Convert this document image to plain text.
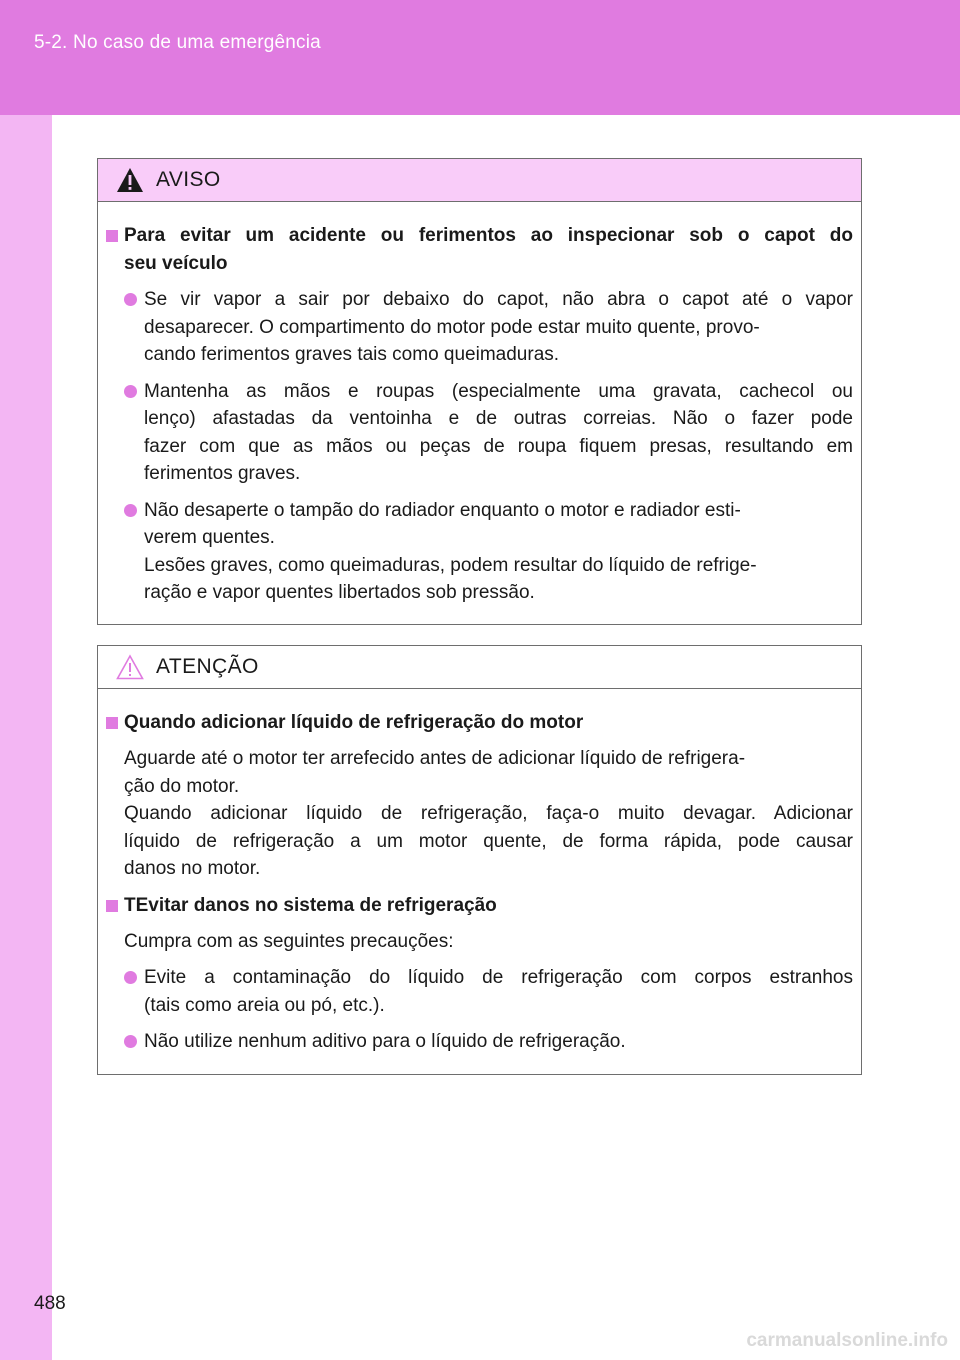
5-2. No caso de uma emergência
AVISO
Para evitar um acidente ou ferimentos ao inspecionar sob o capot do
seu veículo
Se vir vapor a sair por debaixo do capot, não abra o capot até o vapor
desaparecer. O compartimento do motor pode estar muito quente, provo-
cando ferimentos graves tais como queimaduras.
Mantenha as mãos e roupas (especialmente uma gravata, cachecol ou
lenço) afastadas da ventoinha e de outras correias. Não o fazer pode
fazer com que as mãos ou peças de roupa fiquem presas, resultando em
ferimentos graves.
Não desaperte o tampão do radiador enquanto o motor e radiador esti-
verem quentes.
Lesões graves, como queimaduras, podem resultar do líquido de refrige-
ração e vapor quentes libertados sob pressão.
ATENÇÃO
Quando adicionar líquido de refrigeração do motor
Aguarde até o motor ter arrefecido antes de adicionar líquido de refrigera-
ção do motor.
Quando adicionar líquido de refrigeração, faça-o muito devagar. Adicionar
líquido de refrigeração a um motor quente, de forma rápida, pode causar
danos no motor.
TEvitar danos no sistema de refrigeração
Cumpra com as seguintes precauções:
Evite a contaminação do líquido de refrigeração com corpos estranhos
(tais como areia ou pó, etc.).
Não utilize nenhum aditivo para o líquido de refrigeração.
488
carmanualsonline.info
